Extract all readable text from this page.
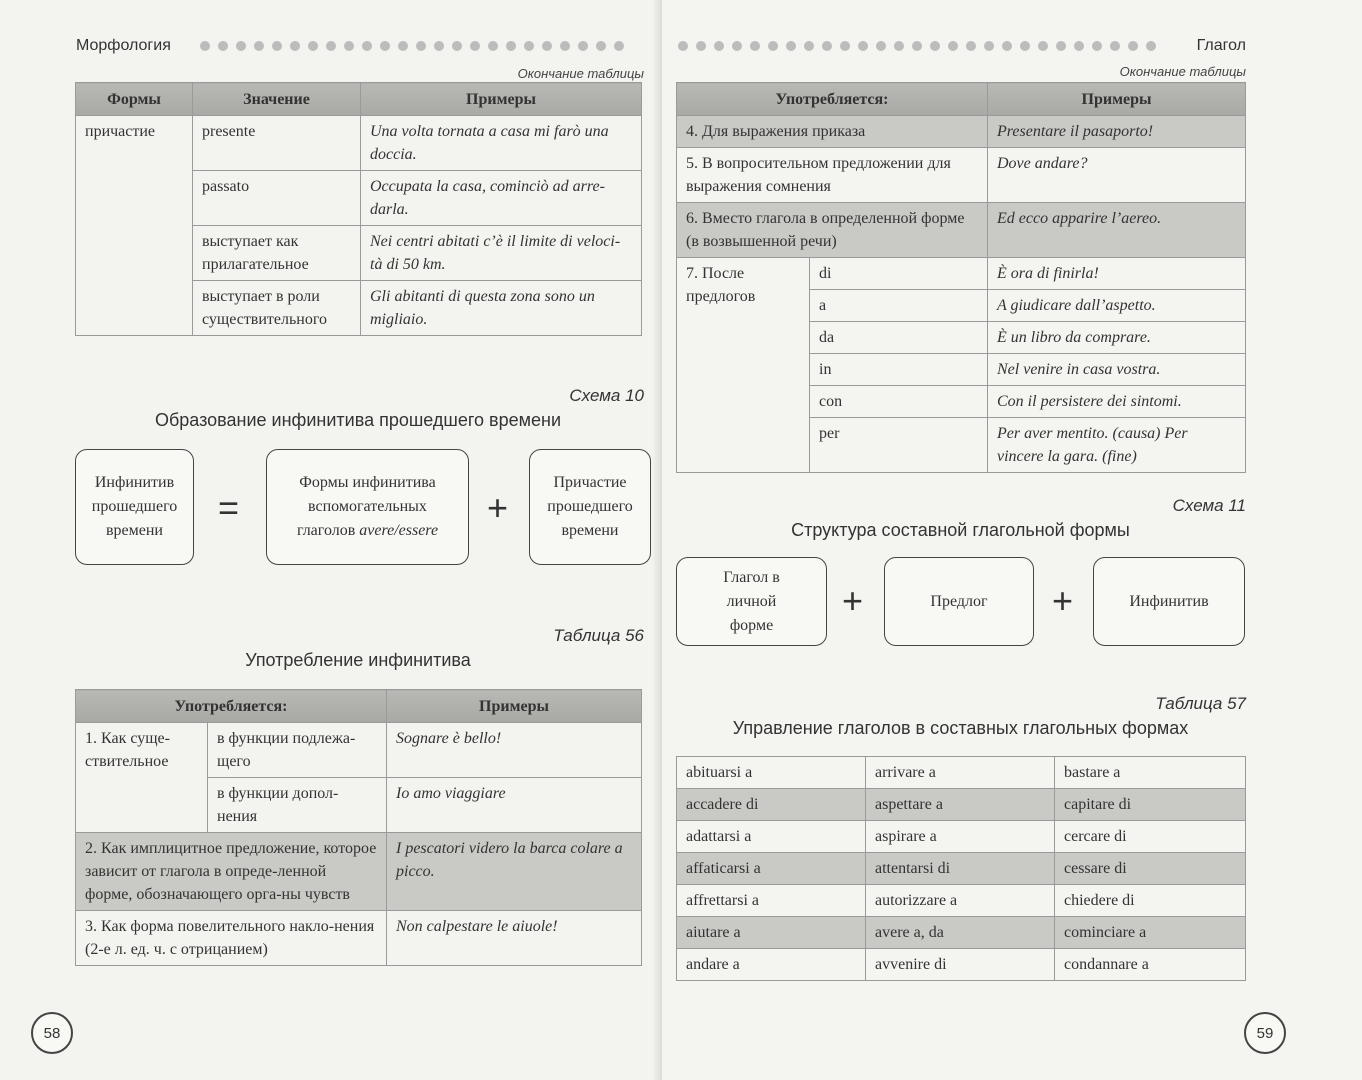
Морфология
Окончание таблицы
Формы	Значение	Примеры
причастие	presente	Una volta tornata a casa mi farò una doccia.
	passato	Occupata la casa, cominciò ad arre-darla.
	выступает как прилагательное	Nei centri abitati c’è il limite di veloci-tà di 50 km.
	выступает в роли существительного	Gli abitanti di questa zona sono un migliaio.
Схема 10
Образование инфинитива прошедшего времени
Инфинитив прошедшего времени
=
Формы инфинитива вспомогательных глаголов avere/essere
+
Причастие прошедшего времени
Таблица 56
Употребление инфинитива
Употребляется:		Примеры
1. Как суще-ствительное	в функции подлежа-щего	Sognare è bello!
	в функции допол-нения	Io amo viaggiare
2. Как имплицитное предложение, которое зависит от глагола в опреде-ленной форме, обозначающего орга-ны чувств		I pescatori videro la barca colare a picco.
3. Как форма повелительного накло-нения (2-е л. ед. ч. с отрицанием)		Non calpestare le aiuole!
58
Глагол
Окончание таблицы
Употребляется:		Примеры
4. Для выражения приказа		Presentare il pasaporto!
5. В вопросительном предложении для выражения сомнения		Dove andare?
6. Вместо глагола в определенной форме (в возвышенной речи)		Ed ecco apparire l’aereo.
7. После предлогов	di	È ora di finirla!
	a	A giudicare dall’aspetto.
	da	È un libro da comprare.
	in	Nel venire in casa vostra.
	con	Con il persistere dei sintomi.
	per	Per aver mentito. (causa) Per vincere la gara. (fine)
Схема 11
Структура составной глагольной формы
Глагол в личной форме
+	Предлог +	Инфинитив
Таблица 57
Управление глаголов в составных глагольных формах
abituarsi a	arrivare a	bastare a
accadere di	aspettare a	capitare di
adattarsi a	aspirare a	cercare di
affaticarsi a	attentarsi di	cessare di
affrettarsi a	autorizzare a	chiedere di
aiutare a	avere a, da	cominciare a
andare a	avvenire di	condannare a
59
